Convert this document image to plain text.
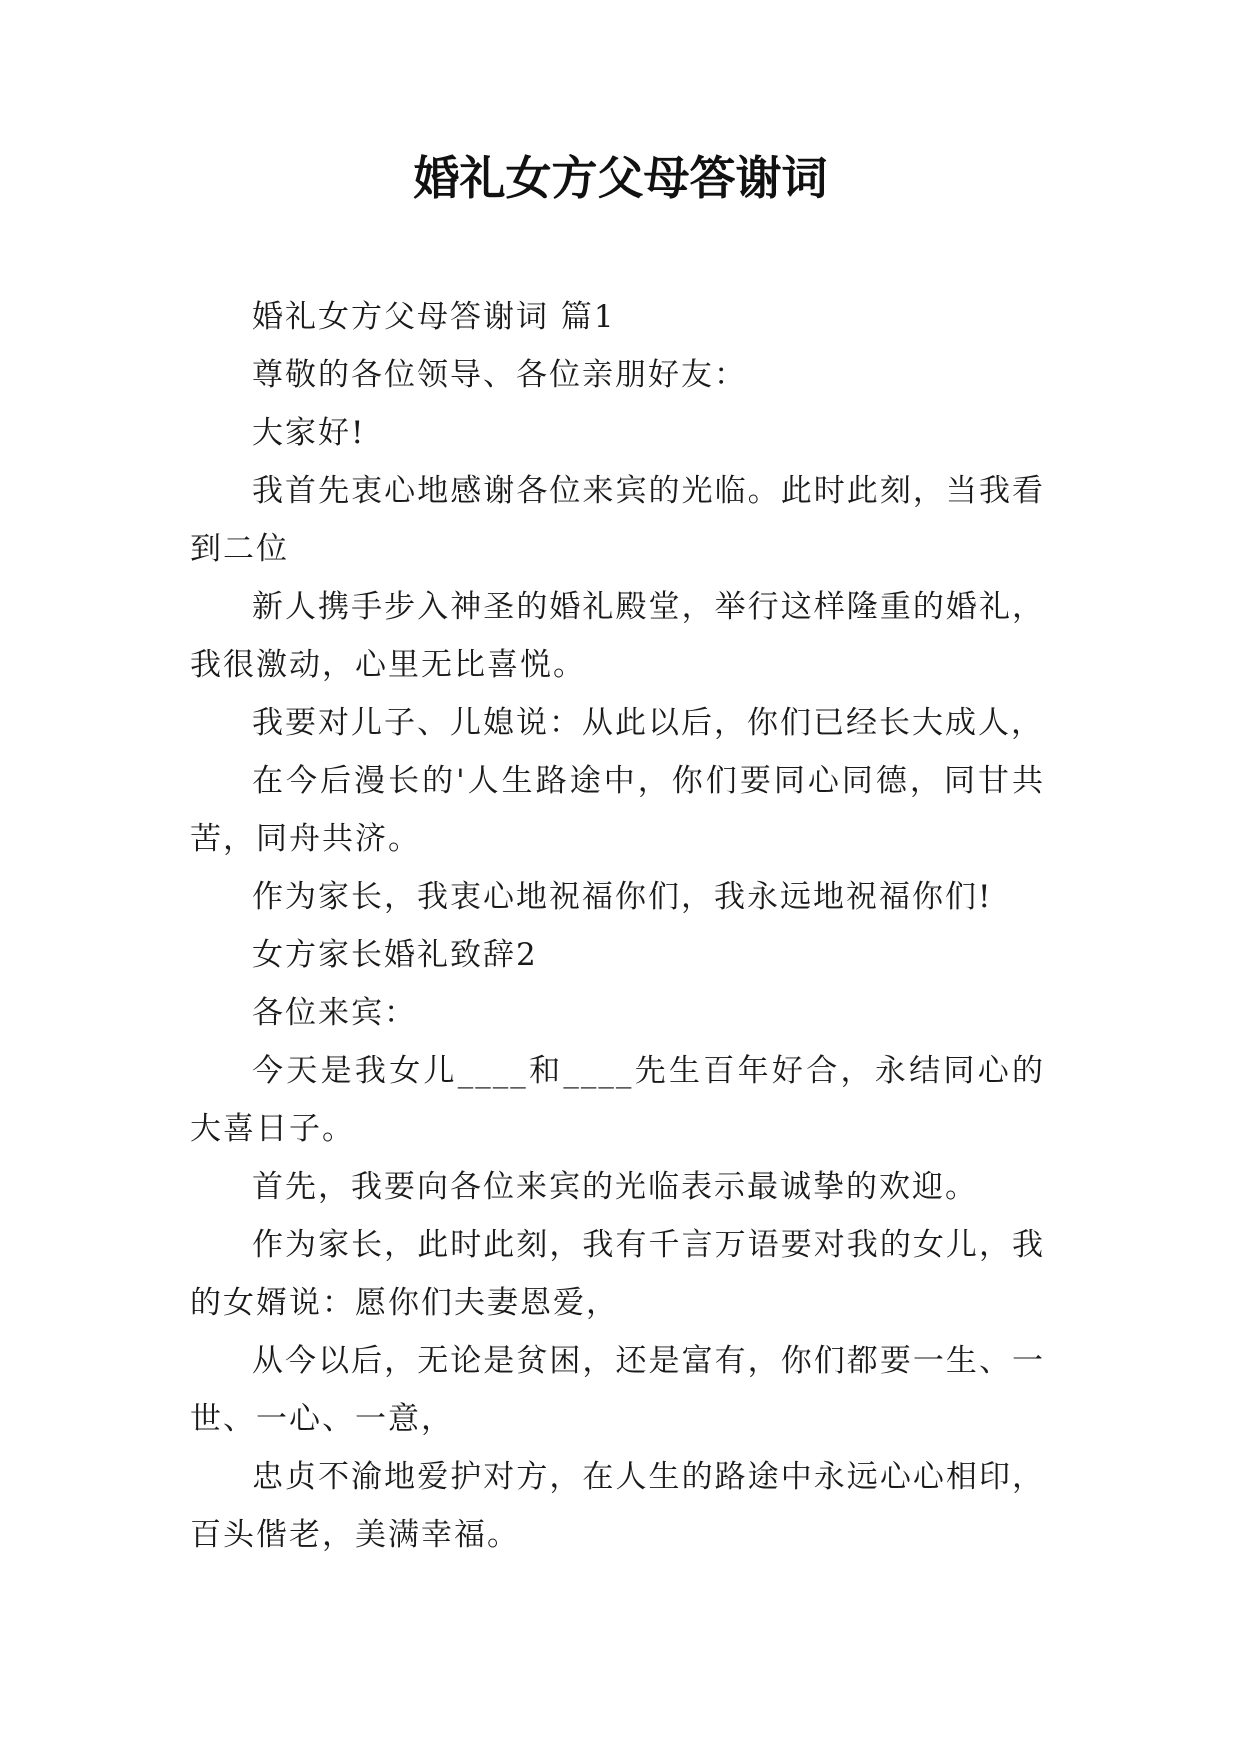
婚礼女方父母答谢词

婚礼女方父母答谢词 篇1

尊敬的各位领导、各位亲朋好友：

大家好!

我首先衷心地感谢各位来宾的光临。此时此刻，当我看到二位

新人携手步入神圣的婚礼殿堂，举行这样隆重的婚礼，我很激动，心里无比喜悦。

我要对儿子、儿媳说：从此以后，你们已经长大成人，

在今后漫长的'人生路途中，你们要同心同德，同甘共苦，同舟共济。

作为家长，我衷心地祝福你们，我永远地祝福你们!

女方家长婚礼致辞2

各位来宾：

今天是我女儿____和____先生百年好合，永结同心的大喜日子。

首先，我要向各位来宾的光临表示最诚挚的欢迎。

作为家长，此时此刻，我有千言万语要对我的女儿，我的女婿说：愿你们夫妻恩爱，

从今以后，无论是贫困，还是富有，你们都要一生、一世、一心、一意，

忠贞不渝地爱护对方，在人生的路途中永远心心相印，百头偕老，美满幸福。
